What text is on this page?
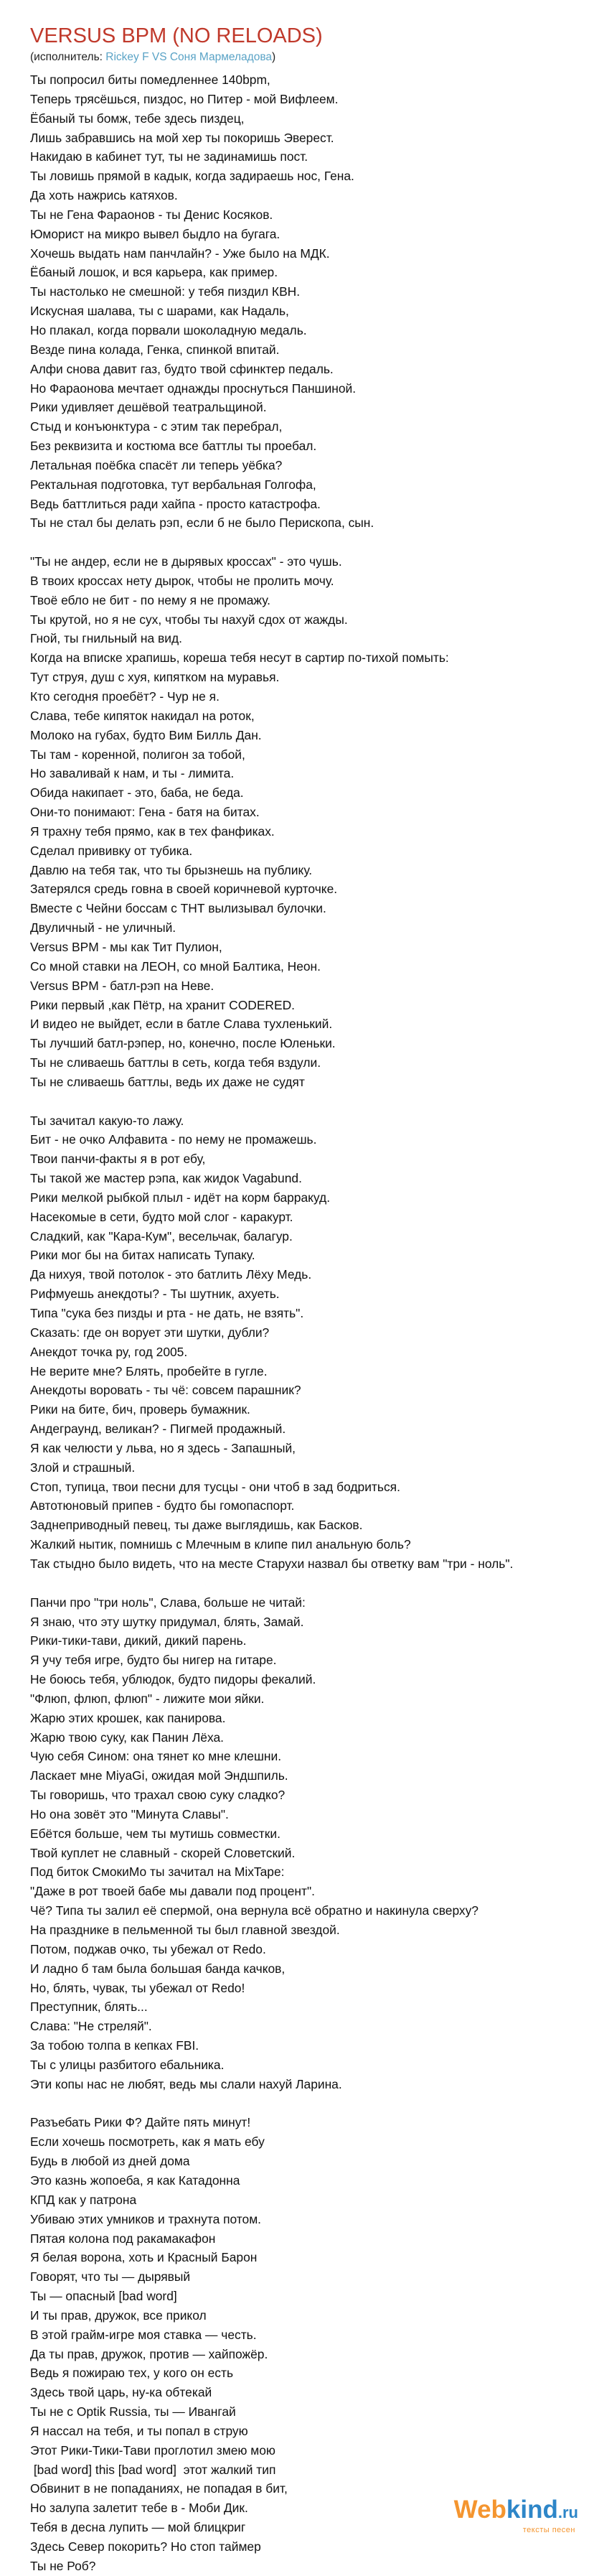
VERSUS BPM (NO RELOADS)
(исполнитель: Rickey F VS Соня Мармеладова)
Ты попросил биты помедленнее 140bpm,
Теперь трясёшься, пиздос, но Питер - мой Вифлеем.
Ёбаный ты бомж, тебе здесь пиздец,
Лишь забравшись на мой хер ты покоришь Эверест.
Накидаю в кабинет тут, ты не задинамишь пост.
Ты ловишь прямой в кадык, когда задираешь нос, Гена.
Да хоть нажрись катяхов.
Ты не Гена Фараонов - ты Денис Косяков.
Юморист на микро вывел быдло на бугага.
Хочешь выдать нам панчлайн? - Уже было на МДК.
Ёбаный лошок, и вся карьера, как пример.
Ты настолько не смешной: у тебя пиздил КВН.
Искусная шалава, ты с шарами, как Надаль,
Но плакал, когда порвали шоколадную медаль.
Везде пина колада, Генка, спинкой впитай.
Алфи снова давит газ, будто твой сфинктер педаль.
Но Фараонова мечтает однажды проснуться Паншиной.
Рики удивляет дешёвой театральщиной.
Стыд и конъюнктура - с этим так перебрал,
Без реквизита и костюма все баттлы ты проебал.
Летальная поёбка спасёт ли теперь уёбка?
Ректальная подготовка, тут вербальная Голгофа,
Ведь баттлиться ради хайпа - просто катастрофа.
Ты не стал бы делать рэп, если б не было Перископа, сын.
"Ты не андер, если не в дырявых кроссах" - это чушь.
В твоих кроссах нету дырок, чтобы не пролить мочу.
Твоё ебло не бит - по нему я не промажу.
Ты крутой, но я не сух, чтобы ты нахуй сдох от жажды.
Гной, ты гнильный на вид.
Когда на вписке храпишь, кореша тебя несут в сартир по-тихой помыть:
Тут струя, душ с хуя, кипятком на муравья.
Кто сегодня проебёт? - Чур не я.
Слава, тебе кипяток накидал на роток,
Молоко на губах, будто Вим Билль Дан.
Ты там - коренной, полигон за тобой,
Но заваливай к нам, и ты - лимита.
Обида накипает - это, баба, не беда.
Они-то понимают: Гена - батя на битах.
Я трахну тебя прямо, как в тех фанфиках.
Сделал прививку от тубика.
Давлю на тебя так, что ты брызнешь на публику.
Затерялся средь говна в своей коричневой курточке.
Вместе с Чейни боссам с ТНТ вылизывал булочки.
Двуличный - не уличный.
Versus BPM - мы как Тит Пулион,
Со мной ставки на ЛЕОН, со мной Балтика, Неон.
Versus BPM - батл-рэп на Неве.
Рики первый ,как Пётр, на хранит CODERED.
И видео не выйдет, если в батле Слава тухленький.
Ты лучший батл-рэпер, но, конечно, после Юленьки.
Ты не сливаешь баттлы в сеть, когда тебя вздули.
Ты не сливаешь баттлы, ведь их даже не судят
Ты зачитал какую-то лажу.
Бит - не очко Алфавита - по нему не промажешь.
Твои панчи-факты я в рот ебу,
Ты такой же мастер рэпа, как жидок Vagabund.
Рики мелкой рыбкой плыл - идёт на корм барракуд.
Насекомые в сети, будто мой слог - каракурт.
Сладкий, как "Кара-Кум", весельчак, балагур.
Рики мог бы на битах написать Тупаку.
Да нихуя, твой потолок - это батлить Лёху Медь.
Рифмуешь анекдоты? - Ты шутник, ахуеть.
Типа "сука без пизды и рта - не дать, не взять".
Сказать: где он ворует эти шутки, дубли?
Анекдот точка ру, год 2005.
Не верите мне? Блять, пробейте в гугле.
Анекдоты воровать - ты чё: совсем парашник?
Рики на бите, бич, проверь бумажник.
Андеграунд, великан? - Пигмей продажный.
Я как челюсти у льва, но я здесь - Запашный,
Злой и страшный.
Стоп, тупица, твои песни для тусцы - они чтоб в зад бодриться.
Автотюновый припев - будто бы гомопаспорт.
Заднеприводный певец, ты даже выглядишь, как Басков.
Жалкий нытик, помнишь с Млечным в клипе пил анальную боль?
Так стыдно было видеть, что на месте Старухи назвал бы ответку вам "три - ноль".
Панчи про "три ноль", Слава, больше не читай:
Я знаю, что эту шутку придумал, блять, Замай.
Рики-тики-тави, дикий, дикий парень.
Я учу тебя игре, будто бы нигер на гитаре.
Не боюсь тебя, ублюдок, будто пидоры фекалий.
"Флюп, флюп, флюп" - лижите мои яйки.
Жарю этих крошек, как панирова.
Жарю твою суку, как Панин Лёха.
Чую себя Сином: она тянет ко мне клешни.
Ласкает мне MiyaGi, ожидая мой Эндшпиль.
Ты говоришь, что трахал свою суку сладко?
Но она зовёт это "Минута Славы".
Ебётся больше, чем ты мутишь совместки.
Твой куплет не славный - скорей Словетский.
Под биток СмокиМо ты зачитал на MixTape:
"Даже в рот твоей бабе мы давали под процент".
Чё? Типа ты залил её спермой, она вернула всё обратно и накинула сверху?
На празднике в пельменной ты был главной звездой.
Потом, поджав очко, ты убежал от Redo.
И ладно б там была большая банда качков,
Но, блять, чувак, ты убежал от Redo!
Преступник, блять...
Слава: "Не стреляй".
За тобою толпа в кепках FBI.
Ты с улицы разбитого ебальника.
Эти копы нас не любят, ведь мы слали нахуй Ларина.
Разъебать Рики Ф? Дайте пять минут!
Если хочешь посмотреть, как я мать ебу
Будь в любой из дней дома
Это казнь жопоеба, я как Катадонна
КПД как у патрона
Убиваю этих умников и трахнута потом.
Пятая колона под ракамакафон
Я белая ворона, хоть и Красный Барон
Говорят, что ты — дырявый
Ты — опасный [bad word]
И ты прав, дружок, все прикол
В этой грайм-игре моя ставка — честь.
Да ты прав, дружок, против — хайпожёр.
Ведь я пожираю тех, у кого он есть
Здесь твой царь, ну-ка обтекай
Ты не с Optik Russia, ты — Ивангай
Я нассал на тебя, и ты попал в струю
Этот Рики-Тики-Тави проглотил змею мою
[bad word] this [bad word]  этот жалкий тип
Обвинит в не попаданиях, не попадая в бит,
Но залупа залетит тебе в - Моби Дик.
Тебя в десна лупить — мой блицкриг
Здесь Север покорить? Но стоп таймер
Ты не Роб?
Webkind.ru
тексты песен
